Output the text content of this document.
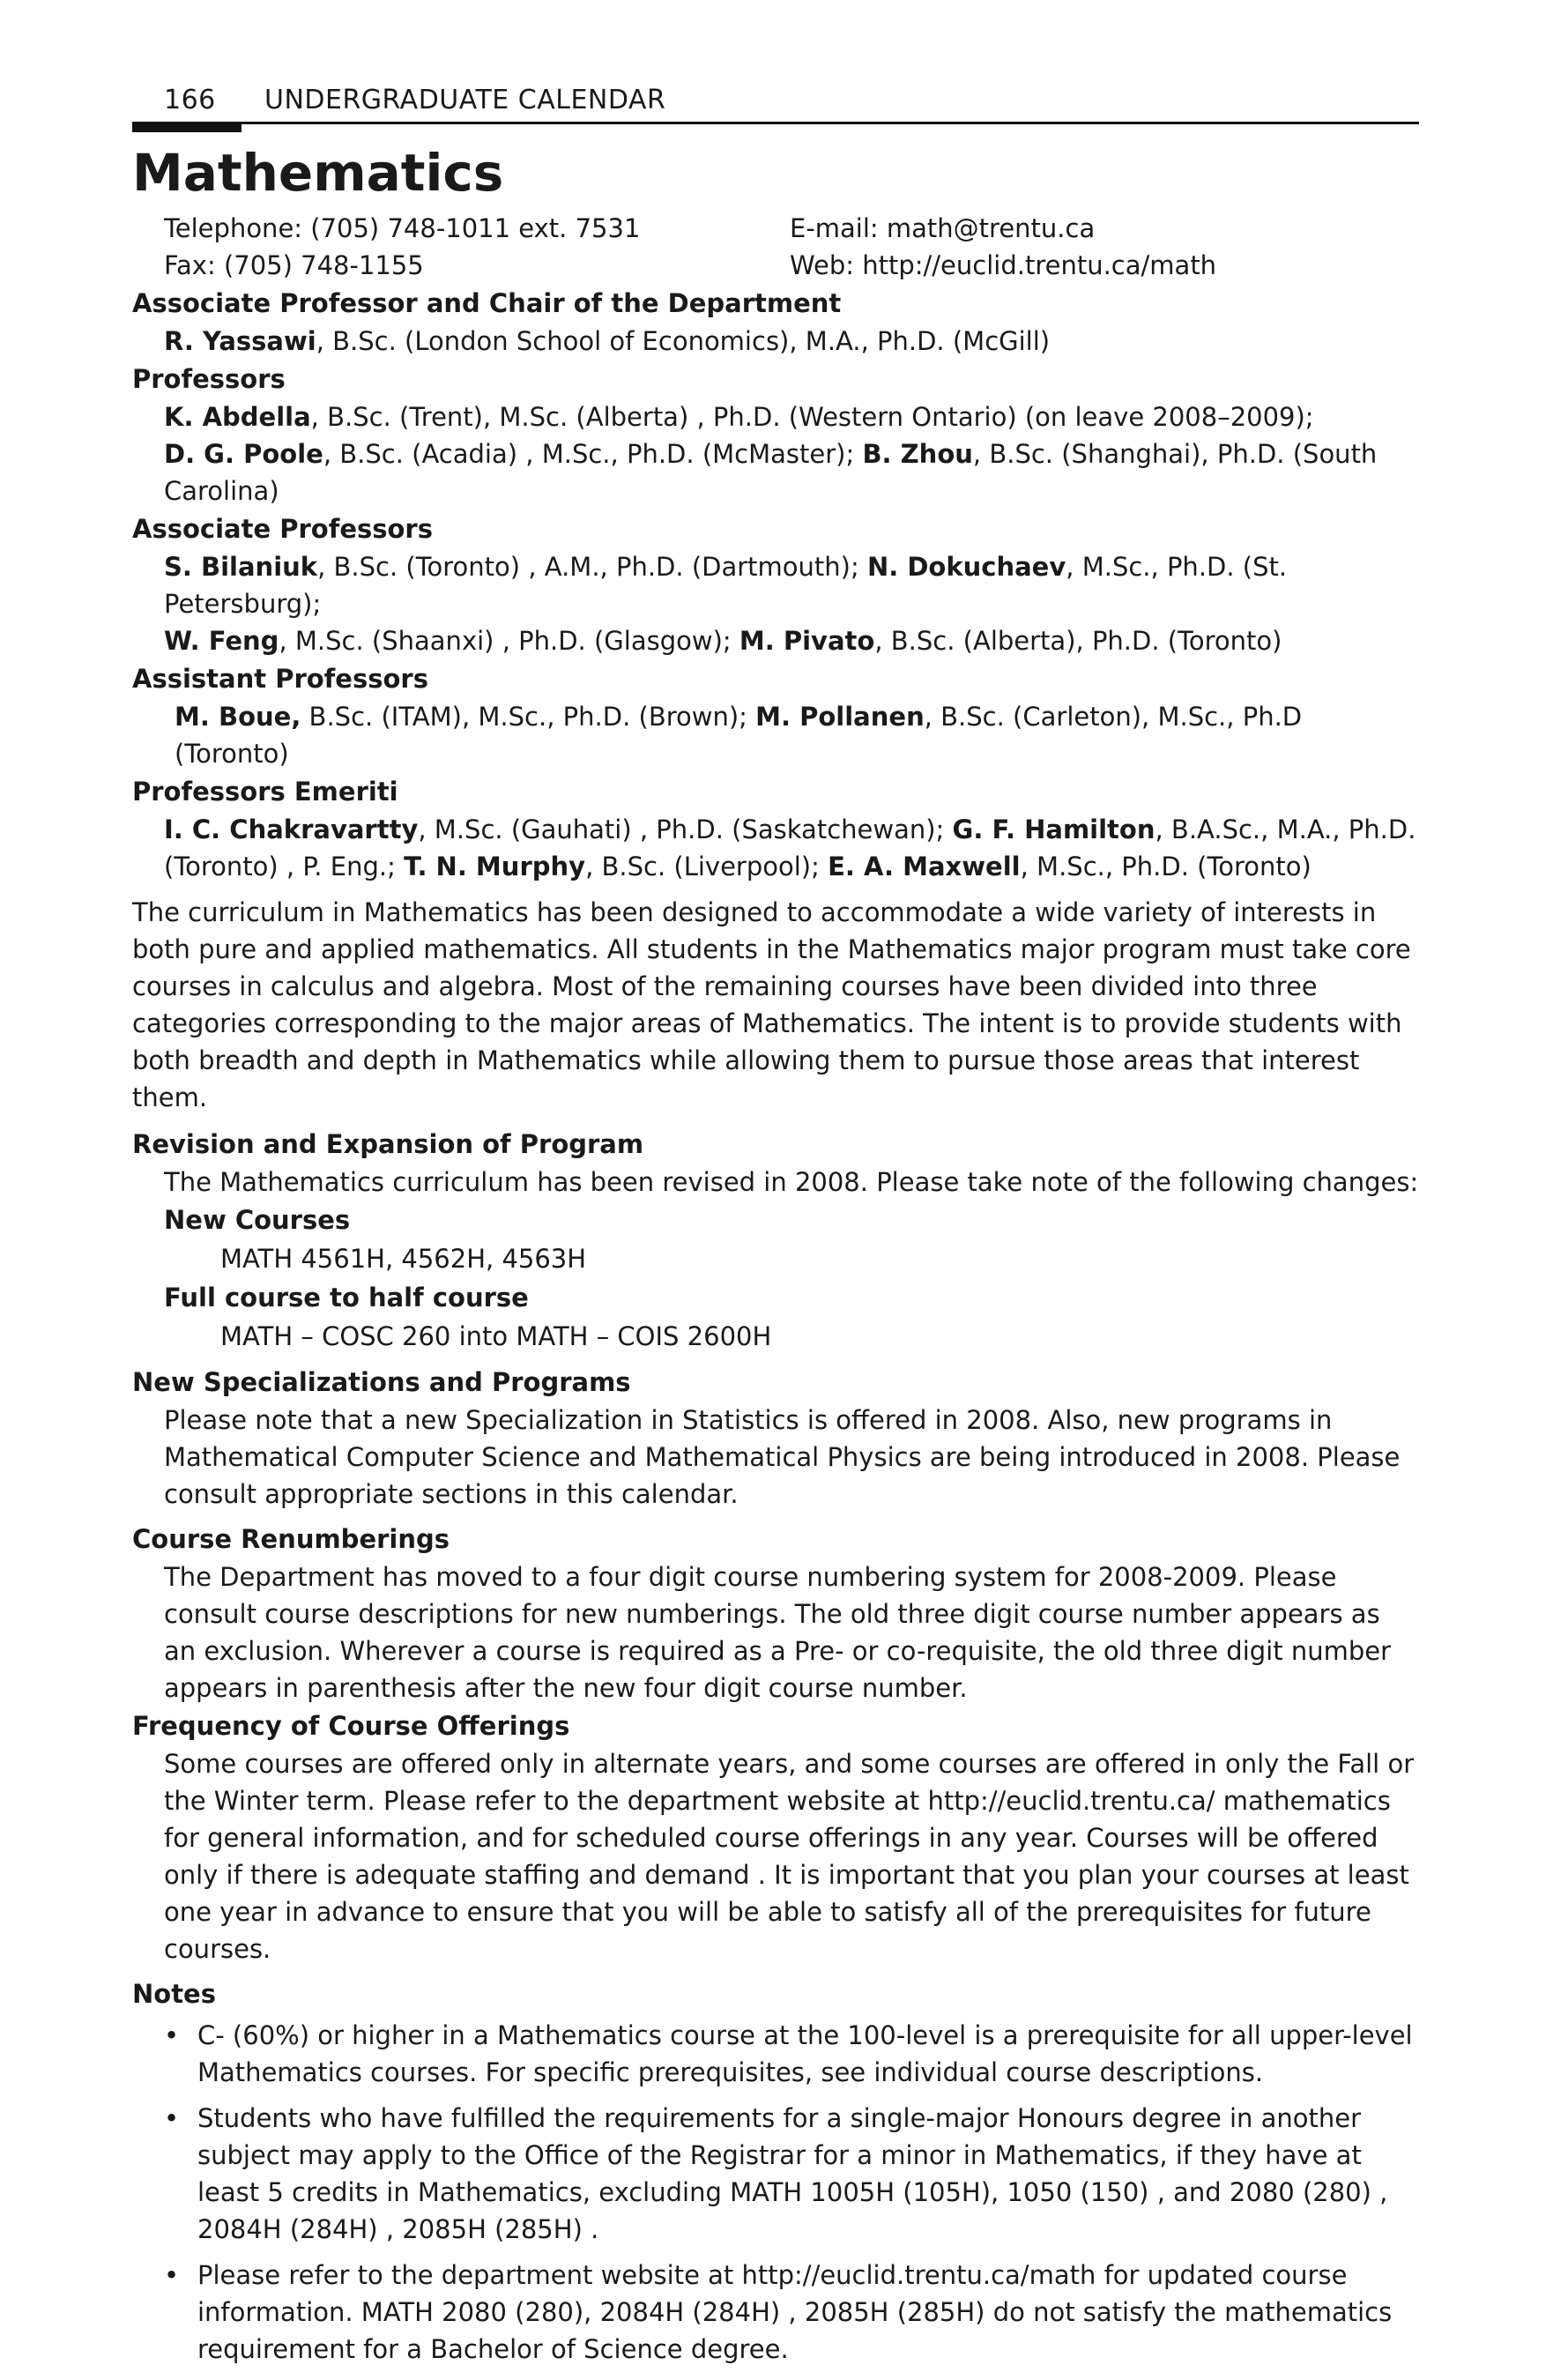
166 UNDERGRADUATE CALENDAR
Mathematics
Telephone: (705) 748-1011 ext. 7531	E-mail: math@trentu.ca
Fax: (705) 748-1155	Web: http://euclid.trentu.ca/math

Associate Professor and Chair of the Department

R. Yassawi, B.Sc. (London School of Economics), M.A., Ph.D. (McGill)

Professors

K. Abdella, B.Sc. (Trent), M.Sc. (Alberta) , Ph.D. (Western Ontario) (on leave 2008–2009);
D. G. Poole, B.Sc. (Acadia) , M.Sc., Ph.D. (McMaster); B. Zhou, B.Sc. (Shanghai), Ph.D. (South
Carolina)

Associate Professors

S. Bilaniuk, B.Sc. (Toronto) , A.M., Ph.D. (Dartmouth); N. Dokuchaev, M.Sc., Ph.D. (St. Petersburg);
W. Feng, M.Sc. (Shaanxi) , Ph.D. (Glasgow); M. Pivato, B.Sc. (Alberta), Ph.D. (Toronto)

Assistant Professors

M. Boue, B.Sc. (ITAM), M.Sc., Ph.D. (Brown); M. Pollanen, B.Sc. (Carleton), M.Sc., Ph.D (Toronto)

Professors Emeriti

I. C. Chakravartty, M.Sc. (Gauhati) , Ph.D. (Saskatchewan); G. F. Hamilton, B.A.Sc., M.A., Ph.D.
(Toronto) , P. Eng.; T. N. Murphy, B.Sc. (Liverpool); E. A. Maxwell, M.Sc., Ph.D. (Toronto)

The curriculum in Mathematics has been designed to accommodate a wide variety of interests in both pure and applied mathematics. All students in the Mathematics major program must take core courses in calculus and algebra. Most of the remaining courses have been divided into three categories corresponding to the major areas of Mathematics. The intent is to provide students with both breadth and depth in Mathematics while allowing them to pursue those areas that interest them.

Revision and Expansion of Program

The Mathematics curriculum has been revised in 2008. Please take note of the following changes:

New Courses

MATH 4561H, 4562H, 4563H

Full course to half course

MATH – COSC 260 into MATH – COIS 2600H

New Specializations and Programs

Please note that a new Specialization in Statistics is offered in 2008. Also, new programs in Mathematical Computer Science and Mathematical Physics are being introduced in 2008. Please consult appropriate sections in this calendar.

Course Renumberings

The Department has moved to a four digit course numbering system for 2008-2009. Please consult course descriptions for new numberings. The old three digit course number appears as an exclusion. Wherever a course is required as a Pre- or co-requisite, the old three digit number appears in parenthesis after the new four digit course number.

Frequency of Course Offerings

Some courses are offered only in alternate years, and some courses are offered in only the Fall or the Winter term. Please refer to the department website at http://euclid.trentu.ca/ mathematics for general information, and for scheduled course offerings in any year. Courses will be offered only if there is adequate staffing and demand . It is important that you plan your courses at least one year in advance to ensure that you will be able to satisfy all of the prerequisites for future courses.

Notes

• C- (60%) or higher in a Mathematics course at the 100-level is a prerequisite for all upper-level Mathematics courses. For specific prerequisites, see individual course descriptions.
• Students who have fulfilled the requirements for a single-major Honours degree in another subject may apply to the Office of the Registrar for a minor in Mathematics, if they have at least 5 credits in Mathematics, excluding MATH 1005H (105H), 1050 (150) , and 2080 (280) , 2084H (284H) , 2085H (285H) .
• Please refer to the department website at http://euclid.trentu.ca/math for updated course information. MATH 2080 (280), 2084H (284H) , 2085H (285H) do not satisfy the mathematics requirement for a Bachelor of Science degree.
